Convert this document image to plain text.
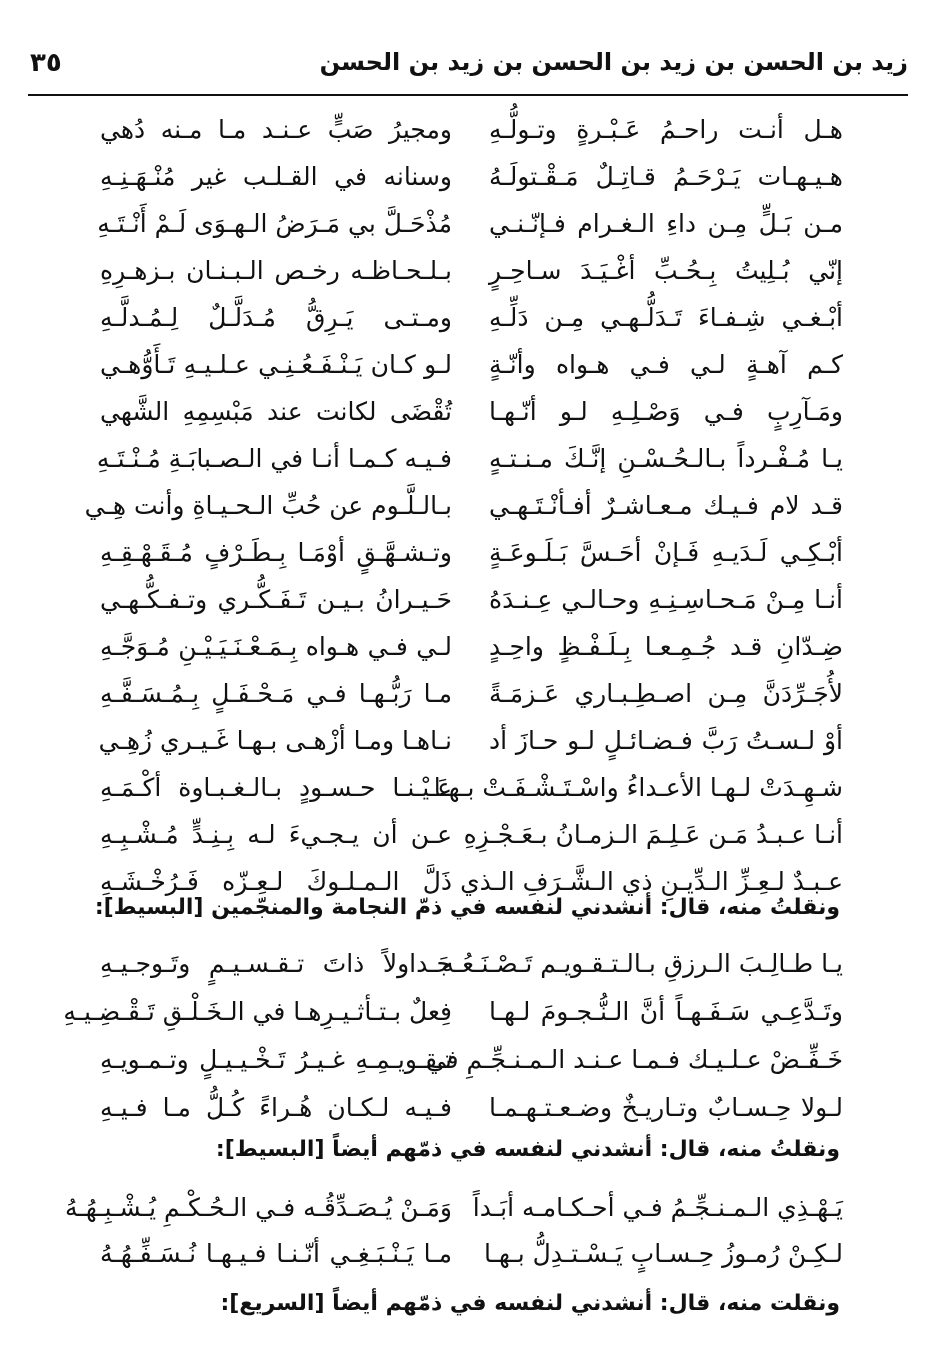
زيد بن الحسن بن زيد بن الحسن بن زيد بن الحسن
٣٥
هـل أنـت راحـمُ عَـبْـرةٍ وتـولُّـهِ
ومجيرُ صَبٍّ عـنـد مـا مـنه دُهي
هـيـهـات يَـرْحَـمُ قـاتِـلٌ مَـقْـتولَـهُ
وسنانه في القـلـب غير مُنْـهَـنِـهِ
مـن بَـلٍّ مِـن داءِ الـغـرام فـإنّـنـي
مُذْحَـلَّ بي مَـرَضُ الـهـوَى لَـمْ أَنْـتَـهِ
إنّي بُـلِيتُ بِـحُـبِّ أغْـيَـدَ سـاحِـرٍ
بـلـحـاظـه رخـص الـبـنـان بـزهـرِهِ
أبْـغـي شِـفـاءَ تَـدَلُّـهـي مِـن دَلِّـهِ
ومـتـى يَـرِقُّ مُـدَلَّـلٌ لِـمُـدلَّـهِ
كـم آهـةٍ لـي فـي هـواه وأنّـةٍ
لـو كـان يَـنْـفَـعُـنِـي عـلـيـهِ تَـأَوُّهـي
ومَـآرِبٍ فـي وَصْـلِـهِ لـو أنّـهـا
تُقْضَى لكانت عند مَبْسِمِهِ الشَّهي
يـا مُـفْـرداً بـالـحُـسْـنِ إنَّـكَ مـنـتـهٍ
فـيـه كـمـا أنـا في الـصـبابَـةِ مُـنْـتَـهِ
قـد لام فـيـك مـعـاشـرٌ أفـأنْـتَـهـي
بـالـلَّـوم عن حُبِّ الـحـيـاةِ وأنت هِـي
أبْـكِـي لَـدَيـهِ فَـإنْ أحَـسَّ بَـلَـوعَـةٍ
وتـشـهَّـقٍ أوْمَـا بِـطَـرْفٍ مُـقَـهْـقِـهِ
أنـا مِـنْ مَـحـاسِـنِـهِ وحـالـي عِـنـدَهُ
حَـيـرانُ بـيـن تَـفَـكُّـري وتـفـكُّـهـي
ضِـدّانِ قـد جُـمِـعـا بِـلَـفْـظٍ واحِـدٍ
لـي فـي هـواه بِـمَـعْـنَـيَـيْـنِ مُـوَجَّـهِ
لأُجَـرِّدَنَّ مِـن اصـطِـبـاري عَـزمَـةً
مـا رَبُّـهـا فـي مَـحْـفَـلٍ بِـمُـسَـفَّـهِ
أوْ لـسـتُ رَبَّ فـضـائـلٍ لـو حـازَ أد
نـاهـا ومـا أزْهـى بـهـا غَـيـري زُهِـي
شـهِـدَتْ لـهـا الأعـداءُ واسْـتَـشْـفَـتْ بـهـا
عَـيْـنـا حـسـودٍ بـالـغـبـاوة أكْـمَـهِ
أنـا عـبـدُ مَـن عَـلِـمَ الـزمـانُ بـعَـجْـزِهِ
عـن أن يـجـيءَ لـه بِـنِـدٍّ مُـشْـبِـهِ
عـبـدٌ لـعِـزِّ الـدِّيـنِ ذي الـشَّـرَفِ الـذي
ذَلَّ الـمـلـوكَ لـعِـزّه فَـرُخْـشَـهِ
ونقلتُ منه، قال: أنشدني لنفسه في ذمّ النجامة والمنجّمين [البسيط]:
يـا طـالِـبَ الـرزقِ بـالـتـقـويـم تَـصْـنَـعُـه
جَـداولاً ذاتَ تـقـسـيـمٍ وتَـوجـيـهِ
وتَـدَّعِـي سَـفَـهـاً أنَّ الـنُّـجـومَ لـهـا
فِعلٌ بـتـأثـيـرِهـا في الـخَـلْـقِ تَـقْـضِـيـهِ
خَـفِّـضْ عـلـيـك فـمـا عـنـد الـمـنـجِّـمِ في
تـقـويـمِـهِ غـيـرُ تَـخْـيـيـلٍ وتـمـويـهِ
لـولا حِـسـابٌ وتـاريـخٌ وضـعـتـهـمـا
فـيـه لـكـان هُـراءً كُـلُّ مـا فـيـهِ
ونقلتُ منه، قال: أنشدني لنفسه في ذمّهم أيضاً [البسيط]:
يَـهْـذِي الـمـنـجِّـمُ فـي أحـكـامـه أبَـداً
وَمَـنْ يُـصَـدِّقُـه فـي الـحُـكْـمِ يُـشْـبِـهُـهُ
لـكِـنْ رُمـوزُ حِـسـابٍ يَـسْـتـدِلُّ بـهـا
مـا يَـنْـبَـغِـي أنّـنـا فـيـهـا نُـسَـفِّـهُـهُ
ونقلت منه، قال: أنشدني لنفسه في ذمّهم أيضاً [السريع]:
